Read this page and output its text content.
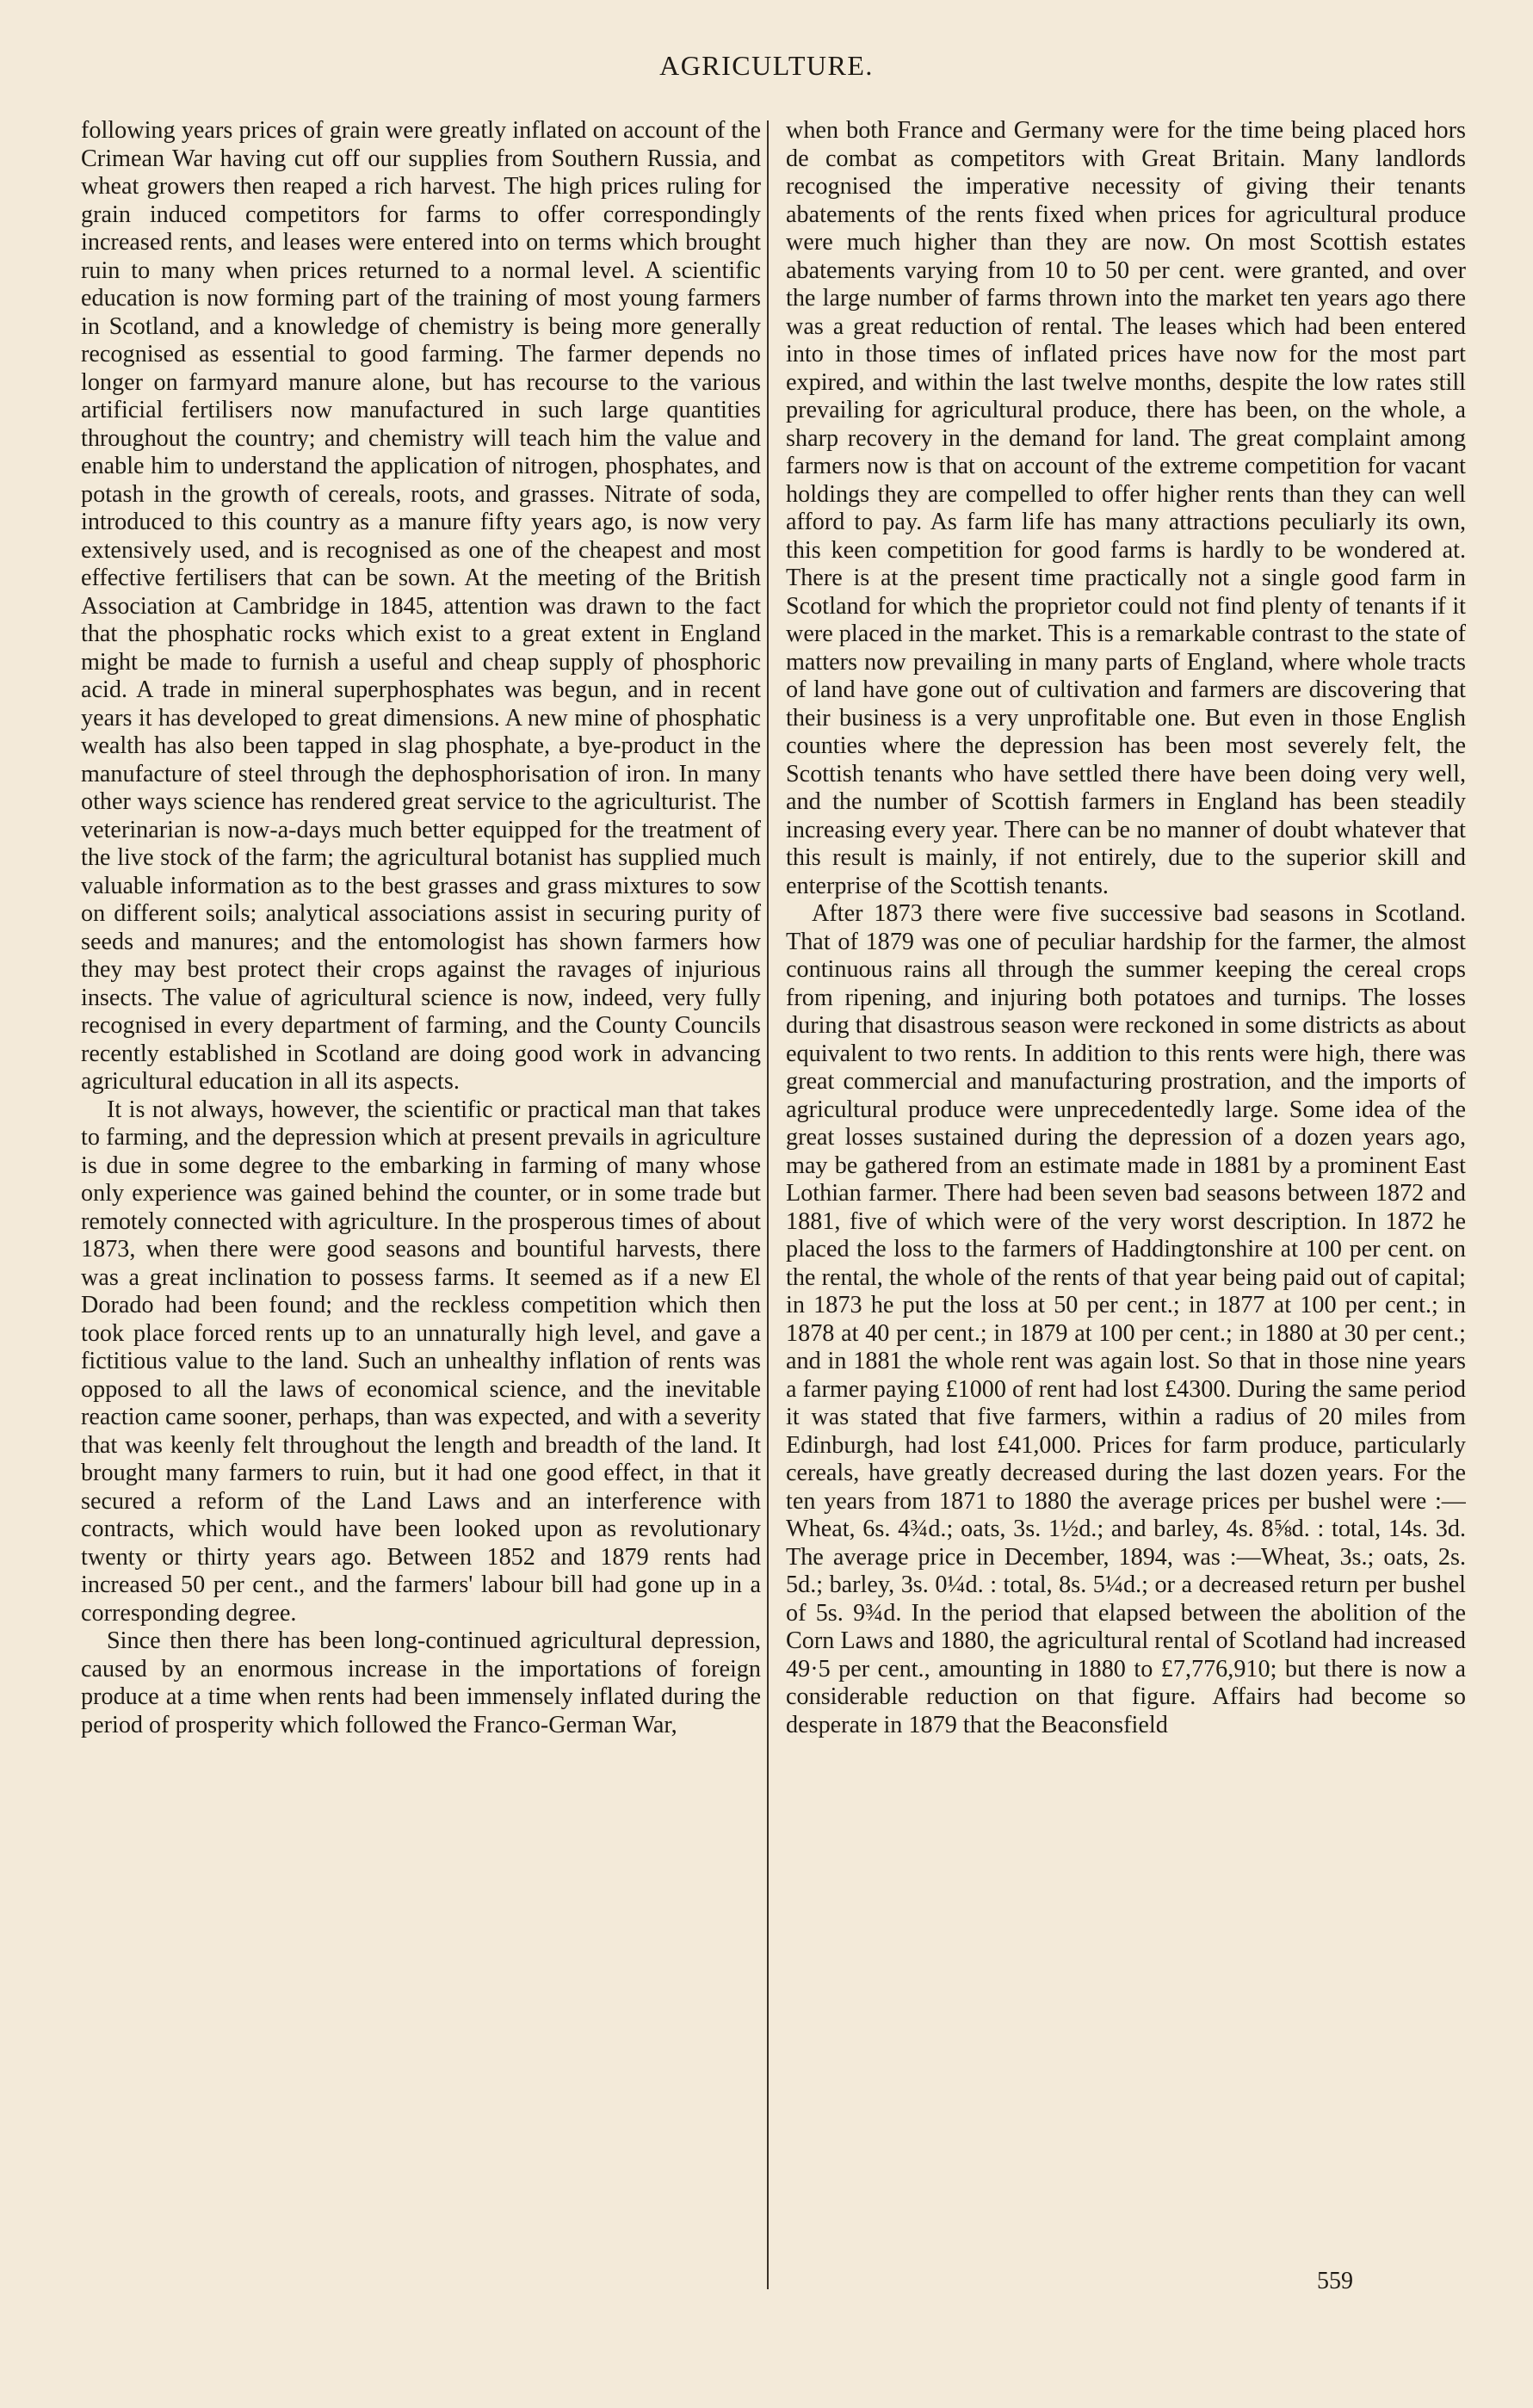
AGRICULTURE.

following years prices of grain were greatly inflated on account of the Crimean War having cut off our supplies from Southern Russia, and wheat growers then reaped a rich harvest. The high prices ruling for grain induced competitors for farms to offer correspondingly increased rents, and leases were entered into on terms which brought ruin to many when prices returned to a normal level. A scientific education is now forming part of the training of most young farmers in Scotland, and a knowledge of chemistry is being more generally recognised as essential to good farming. The farmer depends no longer on farmyard manure alone, but has recourse to the various artificial fertilisers now manufactured in such large quantities throughout the country; and chemistry will teach him the value and enable him to understand the application of nitrogen, phosphates, and potash in the growth of cereals, roots, and grasses. Nitrate of soda, introduced to this country as a manure fifty years ago, is now very extensively used, and is recognised as one of the cheapest and most effective fertilisers that can be sown. At the meeting of the British Association at Cambridge in 1845, attention was drawn to the fact that the phosphatic rocks which exist to a great extent in England might be made to furnish a useful and cheap supply of phosphoric acid. A trade in mineral superphosphates was begun, and in recent years it has developed to great dimensions. A new mine of phosphatic wealth has also been tapped in slag phosphate, a bye-product in the manufacture of steel through the dephosphorisation of iron. In many other ways science has rendered great service to the agriculturist. The veterinarian is now-a-days much better equipped for the treatment of the live stock of the farm; the agricultural botanist has supplied much valuable information as to the best grasses and grass mixtures to sow on different soils; analytical associations assist in securing purity of seeds and manures; and the entomologist has shown farmers how they may best protect their crops against the ravages of injurious insects. The value of agricultural science is now, indeed, very fully recognised in every department of farming, and the County Councils recently established in Scotland are doing good work in advancing agricultural education in all its aspects.

It is not always, however, the scientific or practical man that takes to farming, and the depression which at present prevails in agriculture is due in some degree to the embarking in farming of many whose only experience was gained behind the counter, or in some trade but remotely connected with agriculture. In the prosperous times of about 1873, when there were good seasons and bountiful harvests, there was a great inclination to possess farms. It seemed as if a new El Dorado had been found; and the reckless competition which then took place forced rents up to an unnaturally high level, and gave a fictitious value to the land. Such an unhealthy inflation of rents was opposed to all the laws of economical science, and the inevitable reaction came sooner, perhaps, than was expected, and with a severity that was keenly felt throughout the length and breadth of the land. It brought many farmers to ruin, but it had one good effect, in that it secured a reform of the Land Laws and an interference with contracts, which would have been looked upon as revolutionary twenty or thirty years ago. Between 1852 and 1879 rents had increased 50 per cent., and the farmers' labour bill had gone up in a corresponding degree.

Since then there has been long-continued agricultural depression, caused by an enormous increase in the importations of foreign produce at a time when rents had been immensely inflated during the period of prosperity which followed the Franco-German War,

when both France and Germany were for the time being placed hors de combat as competitors with Great Britain. Many landlords recognised the imperative necessity of giving their tenants abatements of the rents fixed when prices for agricultural produce were much higher than they are now. On most Scottish estates abatements varying from 10 to 50 per cent. were granted, and over the large number of farms thrown into the market ten years ago there was a great reduction of rental. The leases which had been entered into in those times of inflated prices have now for the most part expired, and within the last twelve months, despite the low rates still prevailing for agricultural produce, there has been, on the whole, a sharp recovery in the demand for land. The great complaint among farmers now is that on account of the extreme competition for vacant holdings they are compelled to offer higher rents than they can well afford to pay. As farm life has many attractions peculiarly its own, this keen competition for good farms is hardly to be wondered at. There is at the present time practically not a single good farm in Scotland for which the proprietor could not find plenty of tenants if it were placed in the market. This is a remarkable contrast to the state of matters now prevailing in many parts of England, where whole tracts of land have gone out of cultivation and farmers are discovering that their business is a very unprofitable one. But even in those English counties where the depression has been most severely felt, the Scottish tenants who have settled there have been doing very well, and the number of Scottish farmers in England has been steadily increasing every year. There can be no manner of doubt whatever that this result is mainly, if not entirely, due to the superior skill and enterprise of the Scottish tenants.

After 1873 there were five successive bad seasons in Scotland. That of 1879 was one of peculiar hardship for the farmer, the almost continuous rains all through the summer keeping the cereal crops from ripening, and injuring both potatoes and turnips. The losses during that disastrous season were reckoned in some districts as about equivalent to two rents. In addition to this rents were high, there was great commercial and manufacturing prostration, and the imports of agricultural produce were unprecedentedly large. Some idea of the great losses sustained during the depression of a dozen years ago, may be gathered from an estimate made in 1881 by a prominent East Lothian farmer. There had been seven bad seasons between 1872 and 1881, five of which were of the very worst description. In 1872 he placed the loss to the farmers of Haddingtonshire at 100 per cent. on the rental, the whole of the rents of that year being paid out of capital; in 1873 he put the loss at 50 per cent.; in 1877 at 100 per cent.; in 1878 at 40 per cent.; in 1879 at 100 per cent.; in 1880 at 30 per cent.; and in 1881 the whole rent was again lost. So that in those nine years a farmer paying £1000 of rent had lost £4300. During the same period it was stated that five farmers, within a radius of 20 miles from Edinburgh, had lost £41,000. Prices for farm produce, particularly cereals, have greatly decreased during the last dozen years. For the ten years from 1871 to 1880 the average prices per bushel were :—Wheat, 6s. 4¾d.; oats, 3s. 1½d.; and barley, 4s. 8⅝d. : total, 14s. 3d. The average price in December, 1894, was :—Wheat, 3s.; oats, 2s. 5d.; barley, 3s. 0¼d. : total, 8s. 5¼d.; or a decreased return per bushel of 5s. 9¾d. In the period that elapsed between the abolition of the Corn Laws and 1880, the agricultural rental of Scotland had increased 49·5 per cent., amounting in 1880 to £7,776,910; but there is now a considerable reduction on that figure. Affairs had become so desperate in 1879 that the Beaconsfield

559
